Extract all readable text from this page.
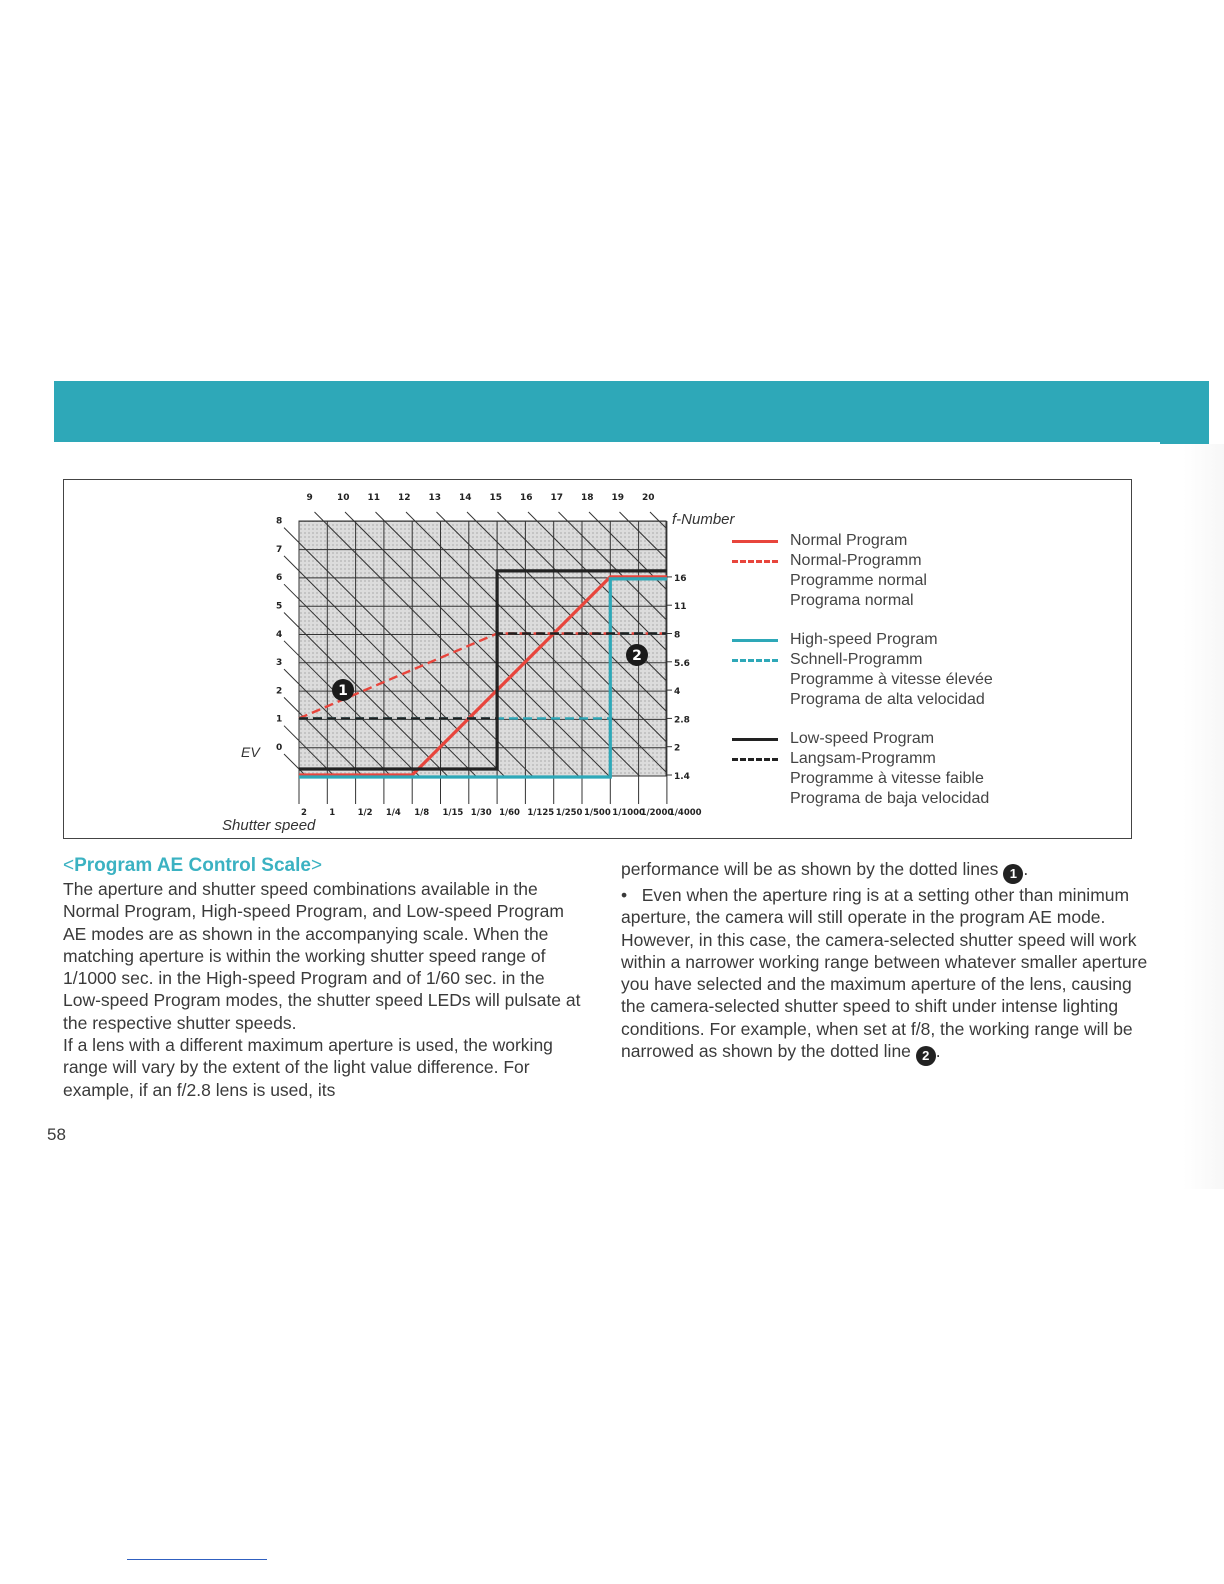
0
1
2
3
4
5
6
7
8
9	10 11 12 13 14 15 16 17 18 19 20
1.4
2
2.8
4
5.6
8
11
16
2	1	1/2 1/4 1/8 1/15 1/30 1/60 1/125 1/250 1/500 1/1000
1/2000
1/4000
1
2
f-Number
EV
Shutter speed
Normal Program
Normal-Programm
Programme normal
Programa normal
High-speed Program
Schnell-Programm
Programme à vitesse élevée
Programa de alta velocidad
Low-speed Program
Langsam-Programm
Programme à vitesse faible
Programa de baja velocidad
<Program AE Control Scale>

The aperture and shutter speed combinations available in the Normal Program, High-speed Program, and Low-speed Program AE modes are as shown in the accompanying scale. When the matching aperture is within the working shutter speed range of 1/1000 sec. in the High-speed Program and of 1/60 sec. in the Low-speed Program modes, the shutter speed LEDs will pulsate at the respective shutter speeds.

If a lens with a different maximum aperture is used, the working range will vary by the extent of the light value difference. For example, if an f/2.8 lens is used, its

performance will be as shown by the dotted lines 1 .

• Even when the aperture ring is at a setting other than minimum aperture, the camera will still operate in the program AE mode. However, in this case, the camera-selected shutter speed will work within a narrower working range between whatever smaller aperture you have selected and the maximum aperture of the lens, causing the camera-selected shutter speed to shift under intense lighting conditions. For example, when set at f/8, the working range will be narrowed as shown by the dotted line 2 .

58
